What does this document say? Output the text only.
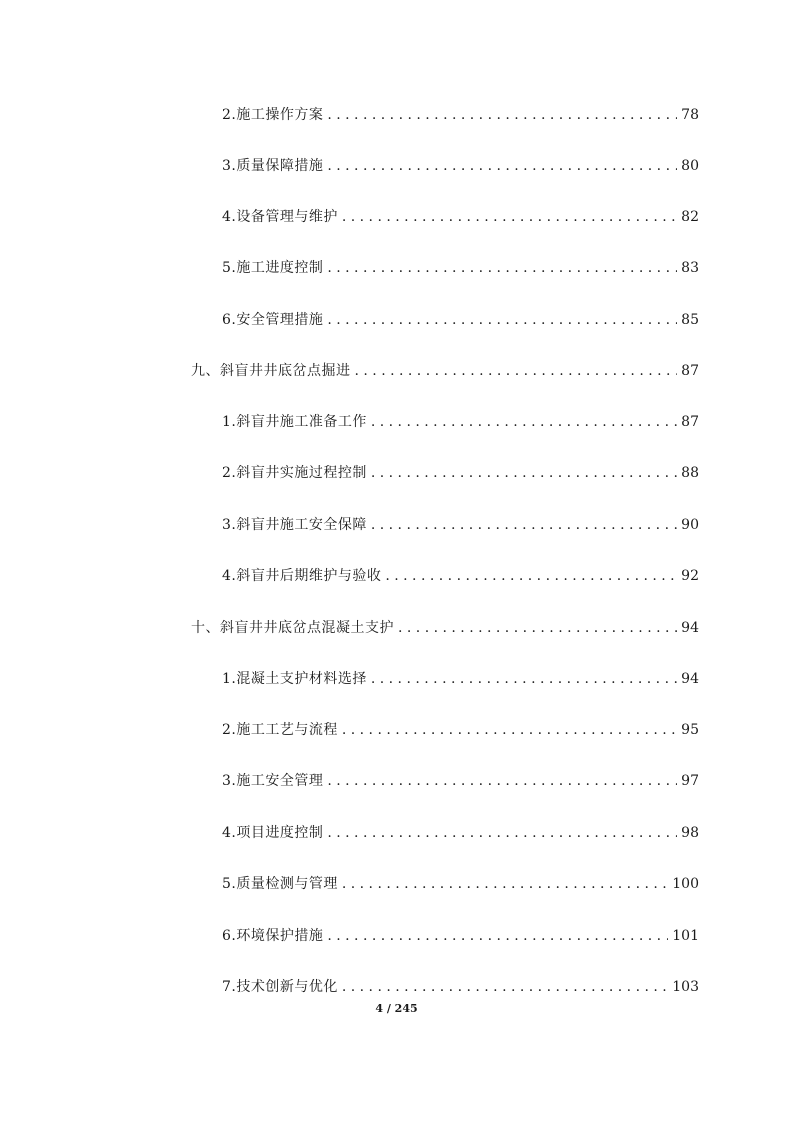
2.施工操作方案 . . .	78
3.质量保障措施 . . .	80
4.设备管理与维护 . . .	82
5.施工进度控制 . . .	83
6.安全管理措施 . . .	85
九、斜盲井井底岔点掘进 . . .	87
1.斜盲井施工准备工作 . . .	87
2.斜盲井实施过程控制 . . .	88
3.斜盲井施工安全保障 . . .	90
4.斜盲井后期维护与验收 . . .	92
十、斜盲井井底岔点混凝土支护 . . .	94
1.混凝土支护材料选择 . . .	94
2.施工工艺与流程 . . .	95
3.施工安全管理 . . .	97
4.项目进度控制 . . .	98
5.质量检测与管理 . . .	100
6.环境保护措施 . . .	101
7.技术创新与优化 . . .	103
4 / 245
